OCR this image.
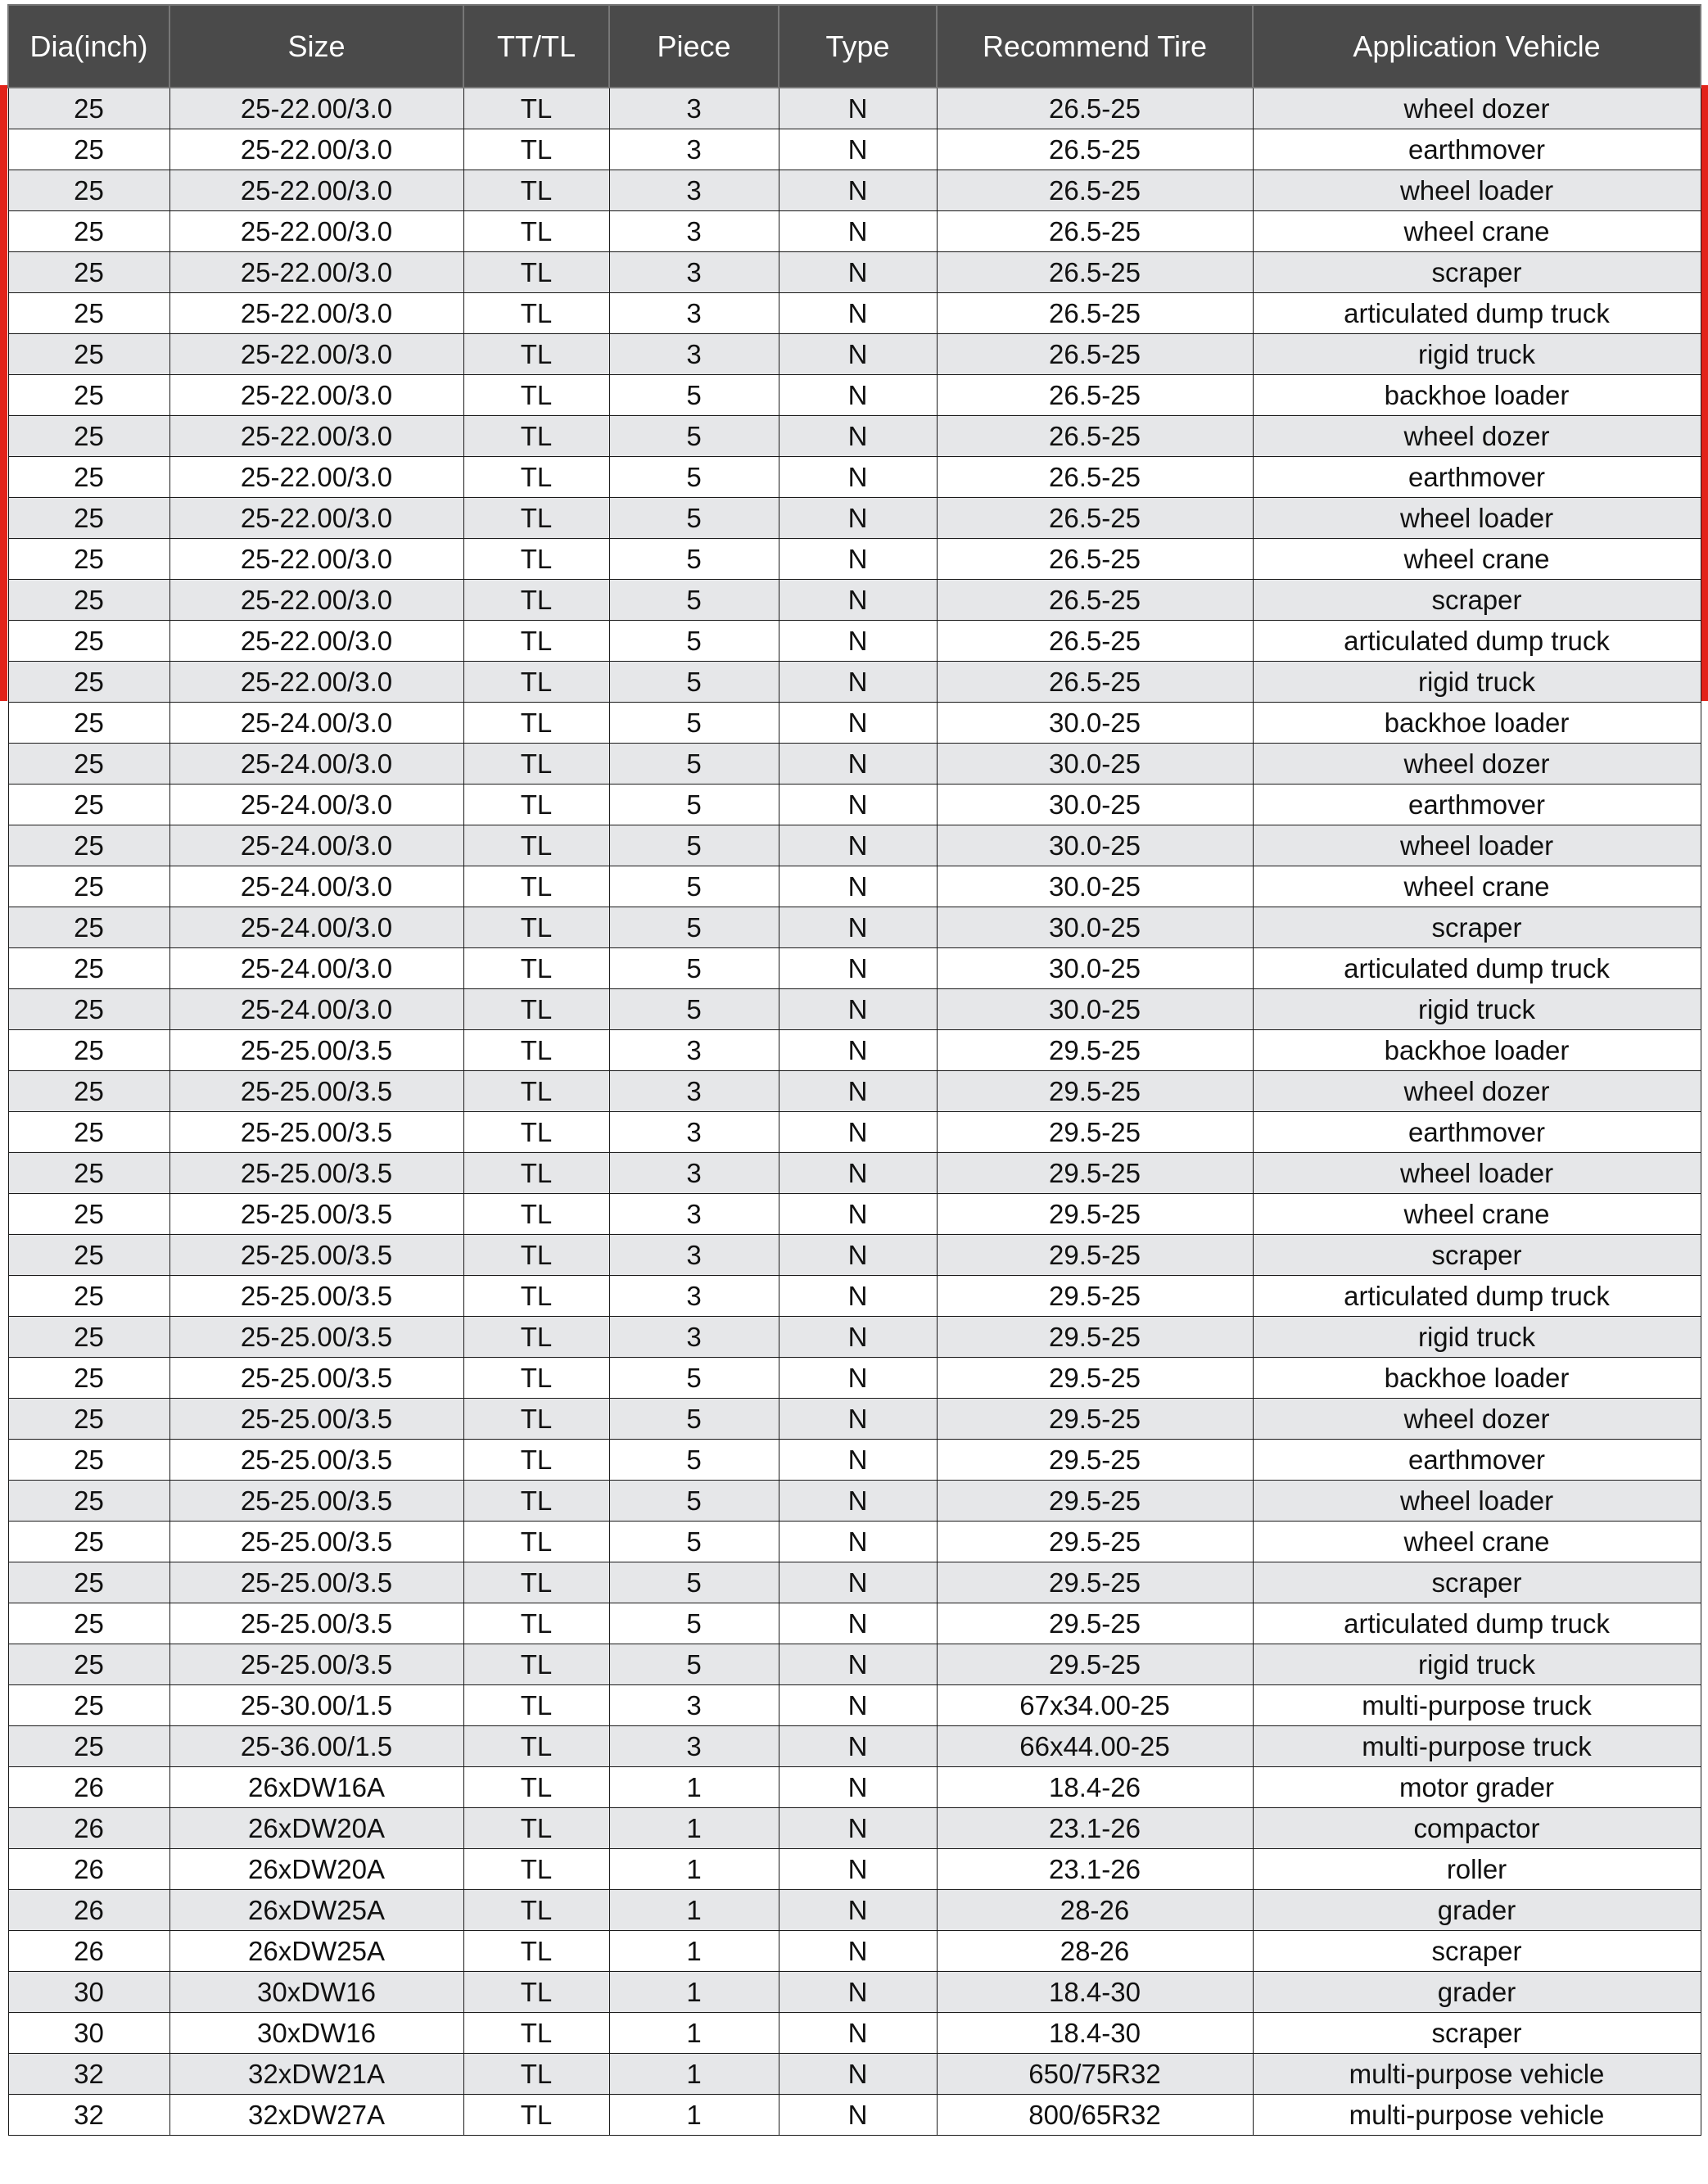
Dia(inch)	Size	TT/TL	Piece	Type	Recommend Tire	Application Vehicle
25	25-22.00/3.0	TL	3	N	26.5-25	wheel dozer
25	25-22.00/3.0	TL	3	N	26.5-25	earthmover
25	25-22.00/3.0	TL	3	N	26.5-25	wheel loader
25	25-22.00/3.0	TL	3	N	26.5-25	wheel crane
25	25-22.00/3.0	TL	3	N	26.5-25	scraper
25	25-22.00/3.0	TL	3	N	26.5-25	articulated dump truck
25	25-22.00/3.0	TL	3	N	26.5-25	rigid truck
25	25-22.00/3.0	TL	5	N	26.5-25	backhoe loader
25	25-22.00/3.0	TL	5	N	26.5-25	wheel dozer
25	25-22.00/3.0	TL	5	N	26.5-25	earthmover
25	25-22.00/3.0	TL	5	N	26.5-25	wheel loader
25	25-22.00/3.0	TL	5	N	26.5-25	wheel crane
25	25-22.00/3.0	TL	5	N	26.5-25	scraper
25	25-22.00/3.0	TL	5	N	26.5-25	articulated dump truck
25	25-22.00/3.0	TL	5	N	26.5-25	rigid truck
25	25-24.00/3.0	TL	5	N	30.0-25	backhoe loader
25	25-24.00/3.0	TL	5	N	30.0-25	wheel dozer
25	25-24.00/3.0	TL	5	N	30.0-25	earthmover
25	25-24.00/3.0	TL	5	N	30.0-25	wheel loader
25	25-24.00/3.0	TL	5	N	30.0-25	wheel crane
25	25-24.00/3.0	TL	5	N	30.0-25	scraper
25	25-24.00/3.0	TL	5	N	30.0-25	articulated dump truck
25	25-24.00/3.0	TL	5	N	30.0-25	rigid truck
25	25-25.00/3.5	TL	3	N	29.5-25	backhoe loader
25	25-25.00/3.5	TL	3	N	29.5-25	wheel dozer
25	25-25.00/3.5	TL	3	N	29.5-25	earthmover
25	25-25.00/3.5	TL	3	N	29.5-25	wheel loader
25	25-25.00/3.5	TL	3	N	29.5-25	wheel crane
25	25-25.00/3.5	TL	3	N	29.5-25	scraper
25	25-25.00/3.5	TL	3	N	29.5-25	articulated dump truck
25	25-25.00/3.5	TL	3	N	29.5-25	rigid truck
25	25-25.00/3.5	TL	5	N	29.5-25	backhoe loader
25	25-25.00/3.5	TL	5	N	29.5-25	wheel dozer
25	25-25.00/3.5	TL	5	N	29.5-25	earthmover
25	25-25.00/3.5	TL	5	N	29.5-25	wheel loader
25	25-25.00/3.5	TL	5	N	29.5-25	wheel crane
25	25-25.00/3.5	TL	5	N	29.5-25	scraper
25	25-25.00/3.5	TL	5	N	29.5-25	articulated dump truck
25	25-25.00/3.5	TL	5	N	29.5-25	rigid truck
25	25-30.00/1.5	TL	3	N	67x34.00-25	multi-purpose truck
25	25-36.00/1.5	TL	3	N	66x44.00-25	multi-purpose truck
26	26xDW16A	TL	1	N	18.4-26	motor grader
26	26xDW20A	TL	1	N	23.1-26	compactor
26	26xDW20A	TL	1	N	23.1-26	roller
26	26xDW25A	TL	1	N	28-26	grader
26	26xDW25A	TL	1	N	28-26	scraper
30	30xDW16	TL	1	N	18.4-30	grader
30	30xDW16	TL	1	N	18.4-30	scraper
32	32xDW21A	TL	1	N	650/75R32	multi-purpose vehicle
32	32xDW27A	TL	1	N	800/65R32	multi-purpose vehicle
